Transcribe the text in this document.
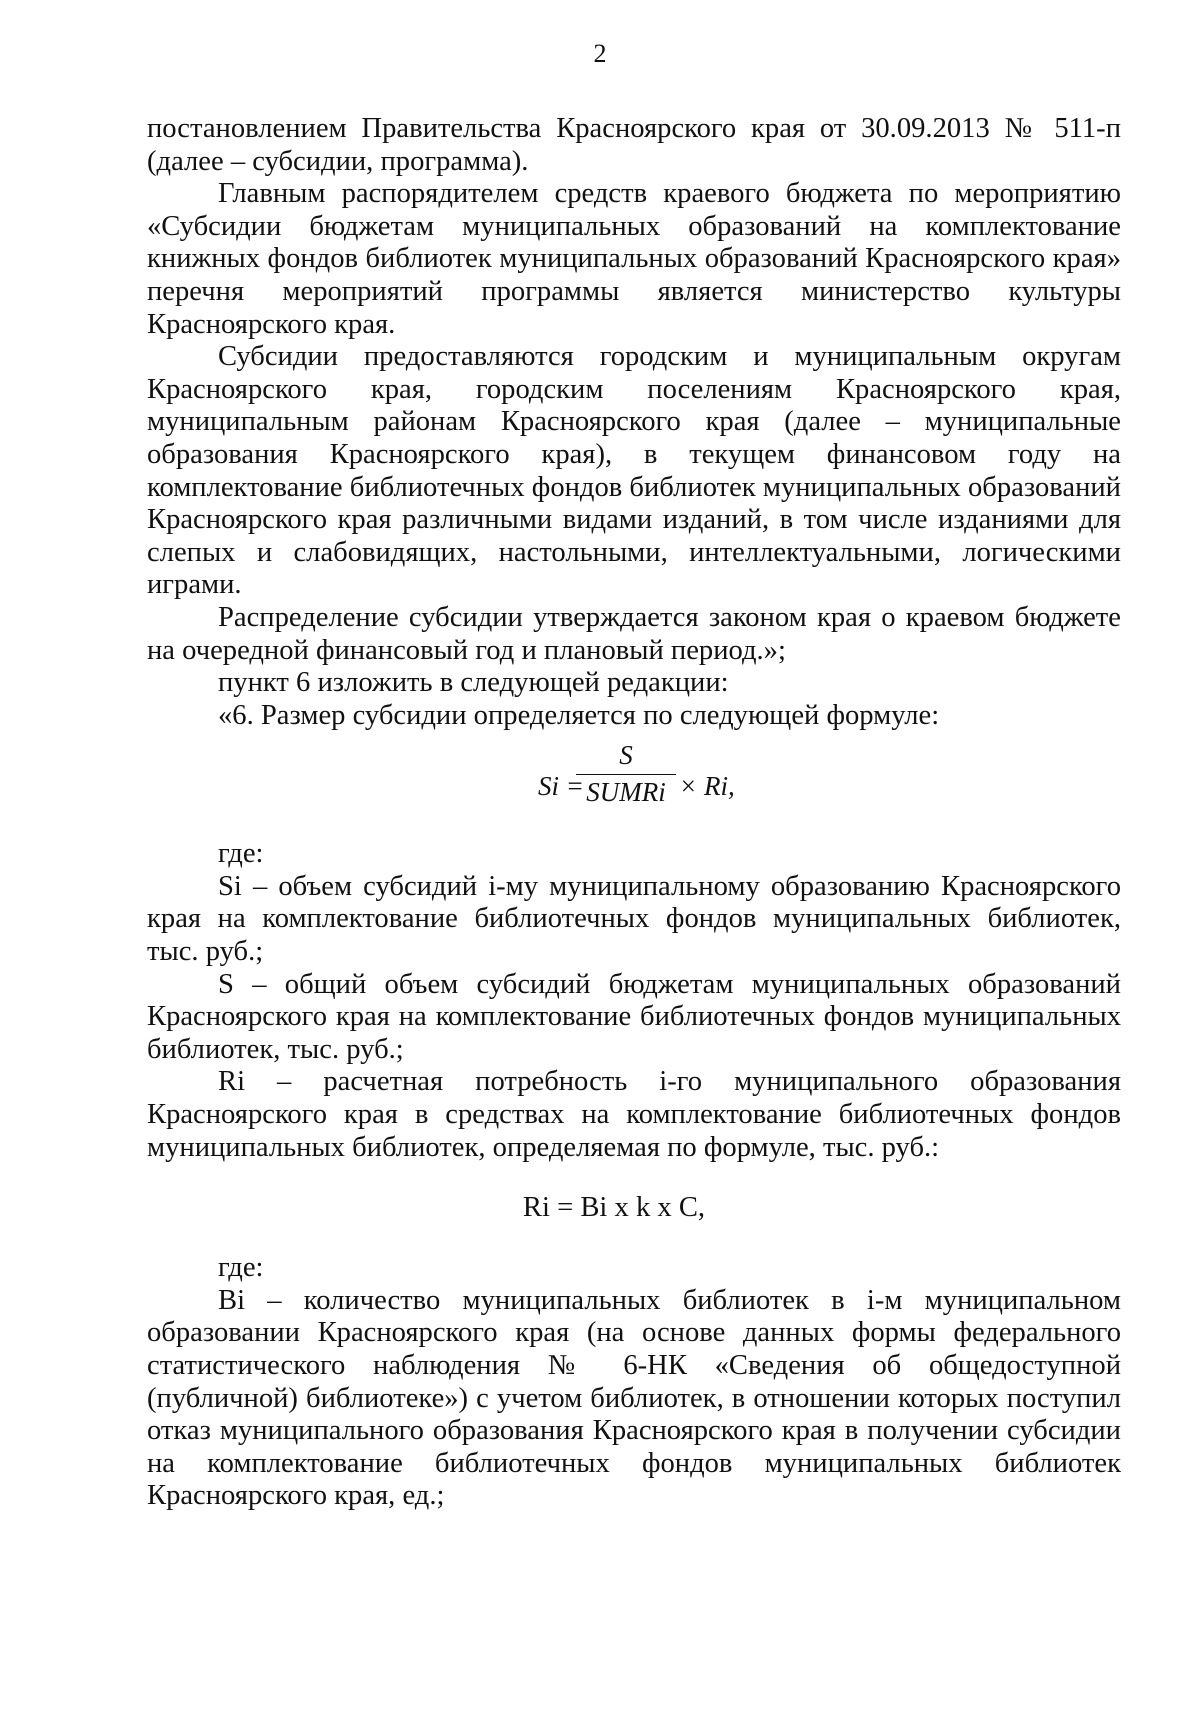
2

постановлением Правительства Красноярского края от 30.09.2013 № 511-п (далее – субсидии, программа).

Главным распорядителем средств краевого бюджета по мероприятию «Субсидии бюджетам муниципальных образований на комплектование книжных фондов библиотек муниципальных образований Красноярского края» перечня мероприятий программы является министерство культуры Красноярского края.

Субсидии предоставляются городским и муниципальным округам Красноярского края, городским поселениям Красноярского края, муниципальным районам Красноярского края (далее – муниципальные образования Красноярского края), в текущем финансовом году на комплектование библиотечных фондов библиотек муниципальных образований Красноярского края различными видами изданий, в том числе изданиями для слепых и слабовидящих, настольными, интеллектуальными, логическими играми.

Распределение субсидии утверждается законом края о краевом бюджете на очередной финансовый год и плановый период.»;

пункт 6 изложить в следующей редакции:

«6. Размер субсидии определяется по следующей формуле:

Si =
S
SUMRi × Ri,

где:

Si – объем субсидий i-му муниципальному образованию Красноярского края на комплектование библиотечных фондов муниципальных библиотек, тыс. руб.;

S – общий объем субсидий бюджетам муниципальных образований Красноярского края на комплектование библиотечных фондов муниципальных библиотек, тыс. руб.;

Ri – расчетная потребность i-го муниципального образования Красноярского края в средствах на комплектование библиотечных фондов муниципальных библиотек, определяемая по формуле, тыс. руб.:

Ri = Bi x k x C,

где:

Bi – количество муниципальных библиотек в i-м муниципальном образовании Красноярского края (на основе данных формы федерального статистического наблюдения № 6-НК «Сведения об общедоступной (публичной) библиотеке») с учетом библиотек, в отношении которых поступил отказ муниципального образования Красноярского края в получении субсидии на комплектование библиотечных фондов муниципальных библиотек Красноярского края, ед.;
